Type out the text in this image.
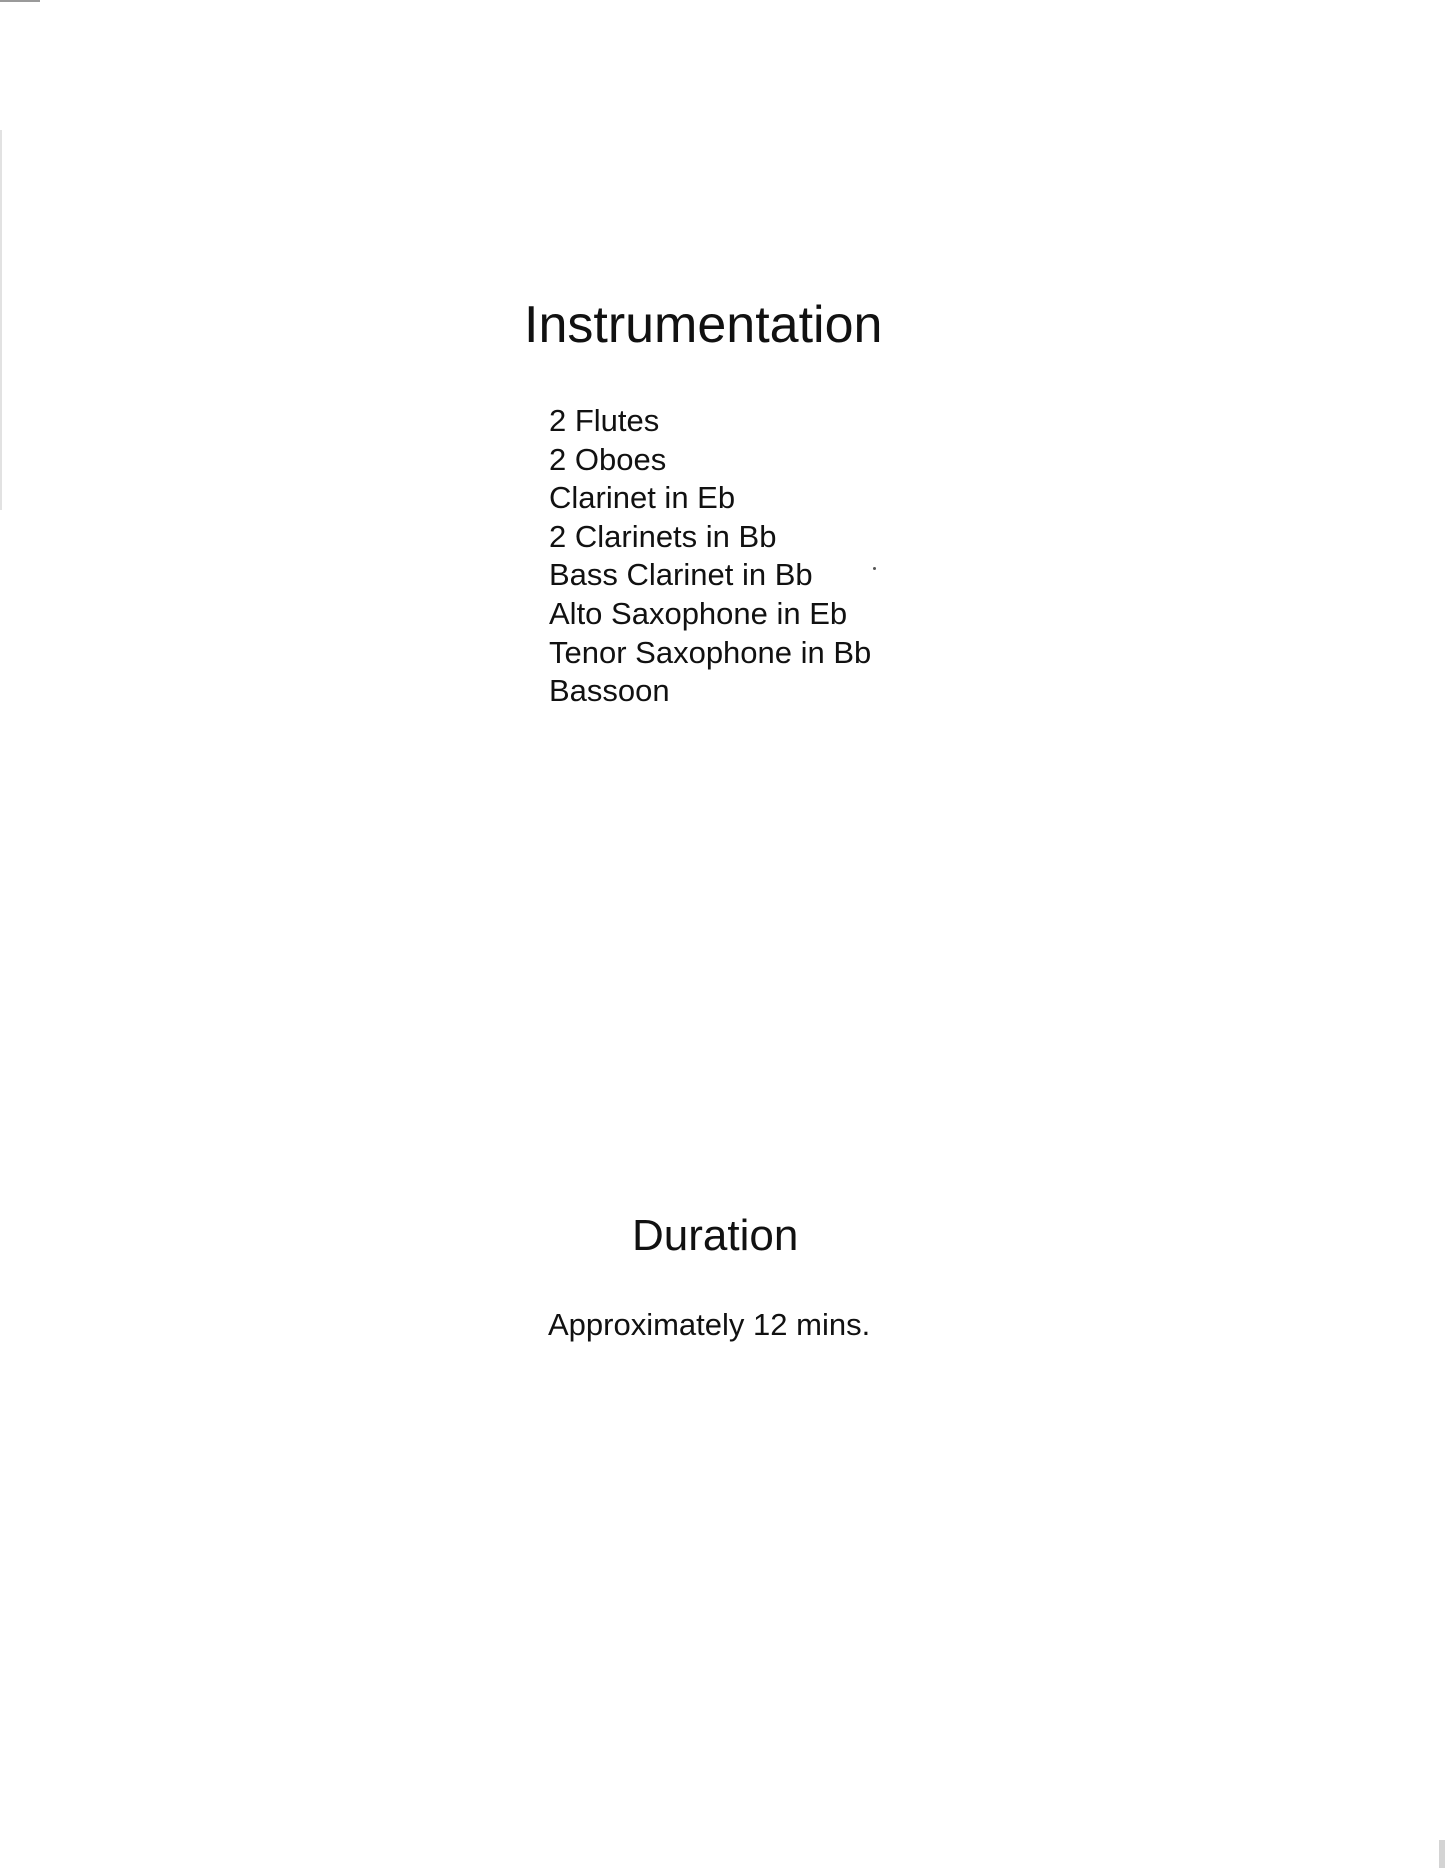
Instrumentation
2 Flutes
2 Oboes
Clarinet in Eb
2 Clarinets in Bb
Bass Clarinet in Bb
Alto Saxophone in Eb
Tenor Saxophone in Bb
Bassoon
Duration

Approximately 12 mins.
